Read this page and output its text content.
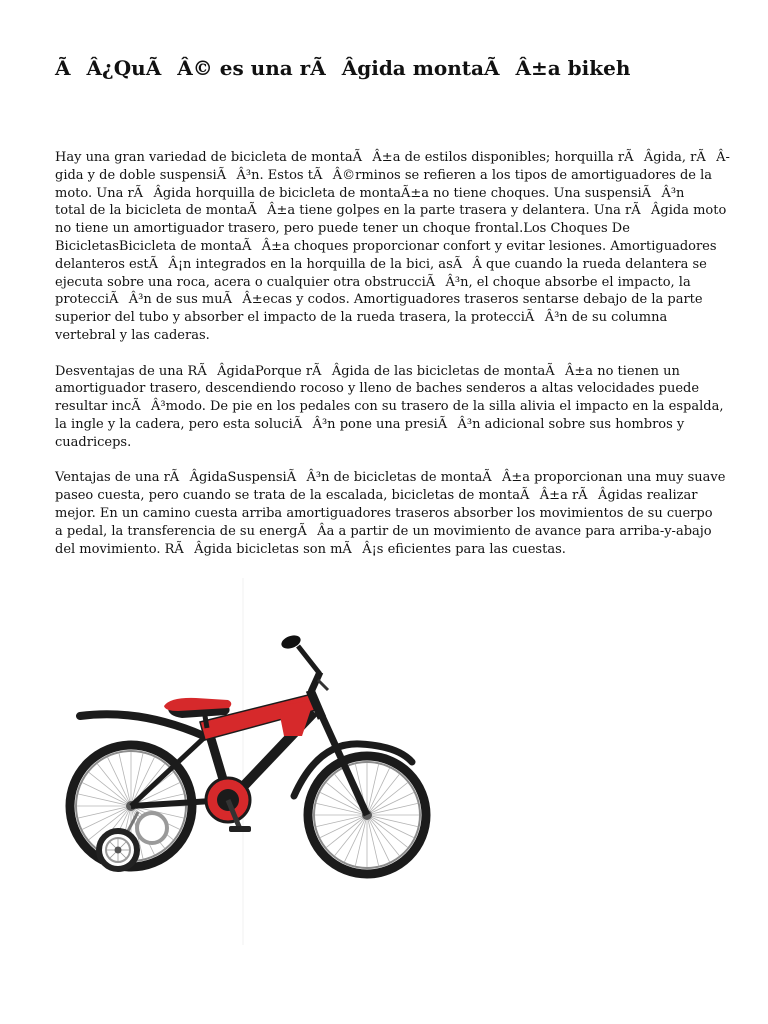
ÃÂ¿QuÃÂ© es una rÃÂgida montaÃÂ±a bikeh
Hay una gran variedad de bicicleta de montaÃÂ±a de estilos disponibles; horquilla rÃÂgida, rÃÂ-
gida y de doble suspensiÃÂ³n. Estos tÃÂ©rminos se refieren a los tipos de amortiguadores de la
moto. Una rÃÂgida horquilla de bicicleta de montaÃ±a no tiene choques. Una suspensiÃÂ³n
total de la bicicleta de montaÃÂ±a tiene golpes en la parte trasera y delantera. Una rÃÂgida moto
no tiene un amortiguador trasero, pero puede tener un choque frontal.Los Choques De
BicicletasBicicleta de montaÃÂ±a choques proporcionar confort y evitar lesiones. Amortiguadores
delanteros estÃÂ¡n integrados en la horquilla de la bici, asÃÂ que cuando la rueda delantera se
ejecuta sobre una roca, acera o cualquier otra obstrucciÃÂ³n, el choque absorbe el impacto, la
protecciÃÂ³n de sus muÃÂ±ecas y codos. Amortiguadores traseros sentarse debajo de la parte
superior del tubo y absorber el impacto de la rueda trasera, la protecciÃÂ³n de su columna
vertebral y las caderas.
Desventajas de una RÃÂgidaPorque rÃÂgida de las bicicletas de montaÃÂ±a no tienen un
amortiguador trasero, descendiendo rocoso y lleno de baches senderos a altas velocidades puede
resultar incÃÂ³modo. De pie en los pedales con su trasero de la silla alivia el impacto en la espalda,
la ingle y la cadera, pero esta soluciÃÂ³n pone una presiÃÂ³n adicional sobre sus hombros y
cuadriceps.
Ventajas de una rÃÂgidaSuspensiÃÂ³n de bicicletas de montaÃÂ±a proporcionan una muy suave
paseo cuesta, pero cuando se trata de la escalada, bicicletas de montaÃÂ±a rÃÂgidas realizar
mejor. En un camino cuesta arriba amortiguadores traseros absorber los movimientos de su cuerpo
a pedal, la transferencia de su energÃÂa a partir de un movimiento de avance para arriba-y-abajo
del movimiento. RÃÂgida bicicletas son mÃÂ¡s eficientes para las cuestas.
